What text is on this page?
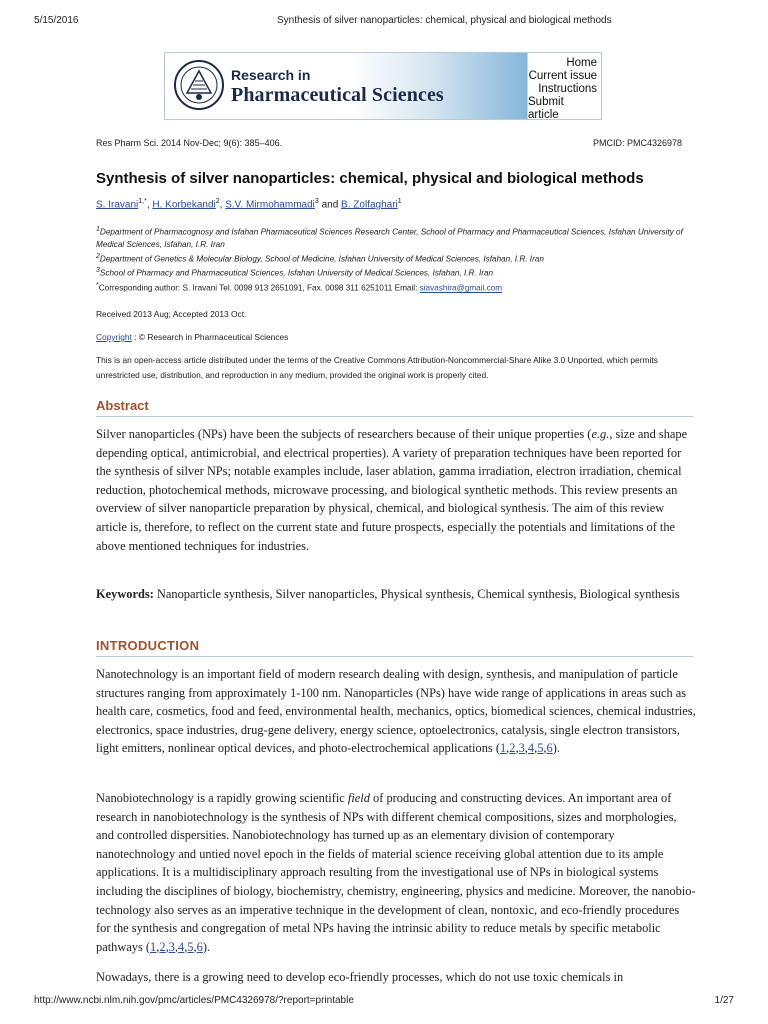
5/15/2016	Synthesis of silver nanoparticles: chemical, physical and biological methods
Research in
Pharmaceutical Sciences
Home
Current issue
Instructions
Submit article
Res Pharm Sci. 2014 Nov-Dec; 9(6): 385–406.	PMCID: PMC4326978
Synthesis of silver nanoparticles: chemical, physical and biological methods
S. Iravani$^{1,*}$, H. Korbekandi$^2$, S.V. Mirmohammadi$^3$ and B. Zolfaghari$^1$

$^1$Department of Pharmacognosy and Isfahan Pharmaceutical Sciences Research Center, School of Pharmacy and Pharmaceutical Sciences, Isfahan University of Medical Sciences, Isfahan, I.R. Iran

$^2$Department of Genetics & Molecular Biology, School of Medicine, Isfahan University of Medical Sciences, Isfahan, I.R. Iran

$^3$School of Pharmacy and Pharmaceutical Sciences, Isfahan University of Medical Sciences, Isfahan, I.R. Iran

*Corresponding author: S. Iravani Tel. 0098 913 2651091, Fax. 0098 311 6251011 Email: siavashira@gmail.com

Received 2013 Aug; Accepted 2013 Oct.
Copyright : © Research in Pharmaceutical Sciences
This is an open-access article distributed under the terms of the Creative Commons Attribution-Noncommercial-Share Alike 3.0 Unported, which permits unrestricted use, distribution, and reproduction in any medium, provided the original work is properly cited.
Abstract

Silver nanoparticles (NPs) have been the subjects of researchers because of their unique properties (e.g., size and shape depending optical, antimicrobial, and electrical properties). A variety of preparation techniques have been reported for the synthesis of silver NPs; notable examples include, laser ablation, gamma irradiation, electron irradiation, chemical reduction, photochemical methods, microwave processing, and biological synthetic methods. This review presents an overview of silver nanoparticle preparation by physical, chemical, and biological synthesis. The aim of this review article is, therefore, to reflect on the current state and future prospects, especially the potentials and limitations of the above mentioned techniques for industries.

Keywords: Nanoparticle synthesis, Silver nanoparticles, Physical synthesis, Chemical synthesis, Biological synthesis

INTRODUCTION

Nanotechnology is an important field of modern research dealing with design, synthesis, and manipulation of particle structures ranging from approximately 1-100 nm. Nanoparticles (NPs) have wide range of applications in areas such as health care, cosmetics, food and feed, environmental health, mechanics, optics, biomedical sciences, chemical industries, electronics, space industries, drug-gene delivery, energy science, optoelectronics, catalysis, single electron transistors, light emitters, nonlinear optical devices, and photo-electrochemical applications (1,2,3,4,5,6).

Nanobiotechnology is a rapidly growing scientific field of producing and constructing devices. An important area of research in nanobiotechnology is the synthesis of NPs with different chemical compositions, sizes and morphologies, and controlled dispersities. Nanobiotechnology has turned up as an elementary division of contemporary nanotechnology and untied novel epoch in the fields of material science receiving global attention due to its ample applications. It is a multidisciplinary approach resulting from the investigational use of NPs in biological systems including the disciplines of biology, biochemistry, chemistry, engineering, physics and medicine. Moreover, the nanobio-technology also serves as an imperative technique in the development of clean, nontoxic, and eco-friendly procedures for the synthesis and congregation of metal NPs having the intrinsic ability to reduce metals by specific metabolic pathways (1,2,3,4,5,6).

Nowadays, there is a growing need to develop eco-friendly processes, which do not use toxic chemicals in

http://www.ncbi.nlm.nih.gov/pmc/articles/PMC4326978/?report=printable	1/27
